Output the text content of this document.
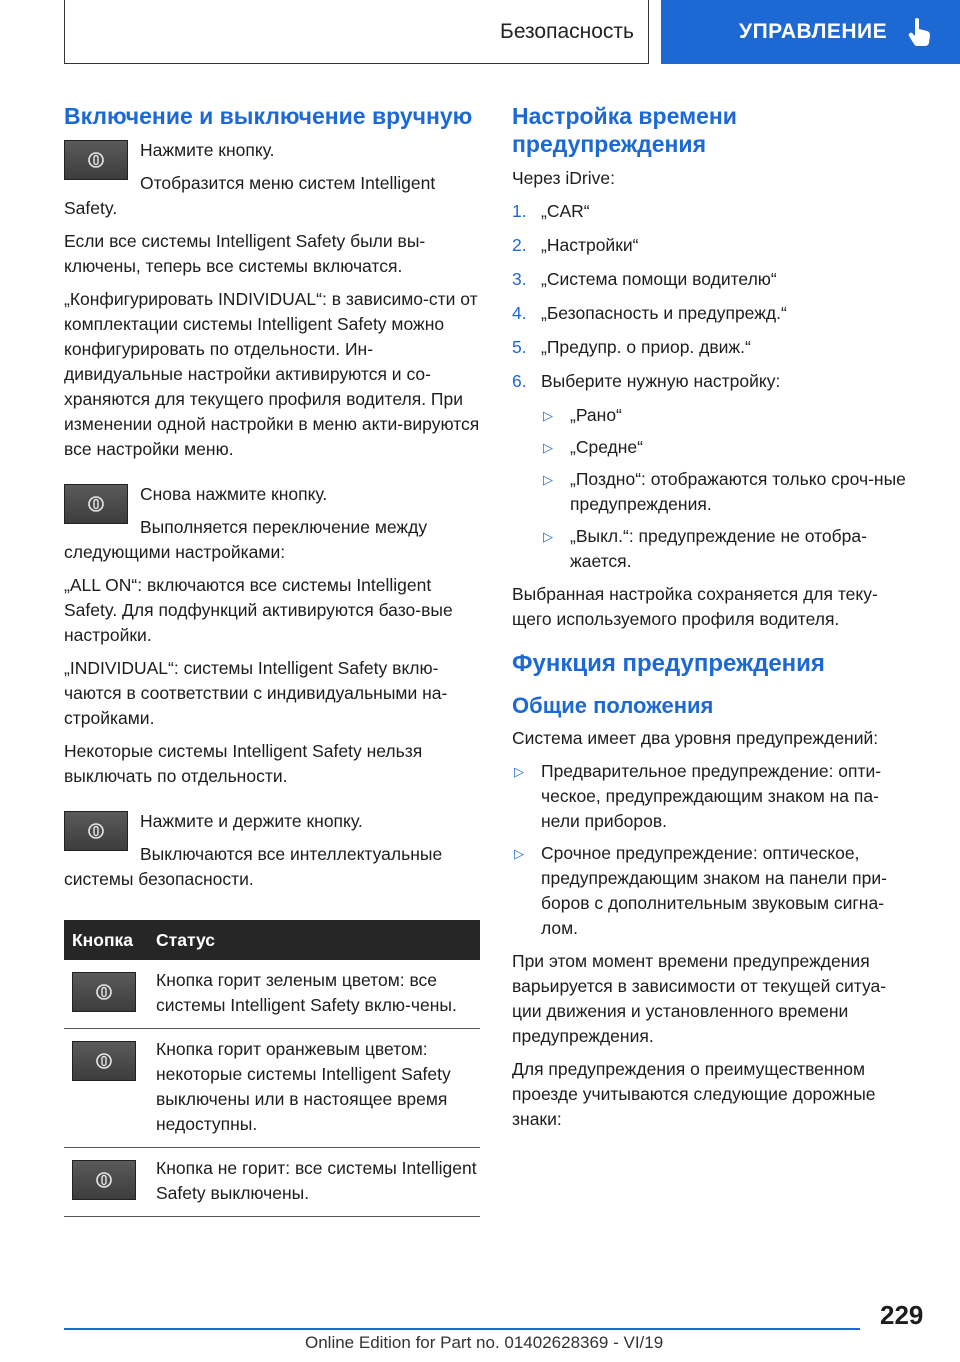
Безопасность	УПРАВЛЕНИЕ
Включение и выключение вручную

Нажмите кнопку.

Отобразится меню систем Intelligent Safety.

Если все системы Intelligent Safety были вы-ключены, теперь все системы включатся.

„Конфигурировать INDIVIDUAL“: в зависимо-сти от комплектации системы Intelligent Safety можно конфигурировать по отдельности. Ин-дивидуальные настройки активируются и со-храняются для текущего профиля водителя. При изменении одной настройки в меню акти-вируются все настройки меню.

Снова нажмите кнопку.

Выполняется переключение между следующими настройками:

„ALL ON“: включаются все системы Intelligent Safety. Для подфункций активируются базо-вые настройки.

„INDIVIDUAL“: системы Intelligent Safety вклю-чаются в соответствии с индивидуальными на-стройками.

Некоторые системы Intelligent Safety нельзя выключать по отдельности.

Нажмите и держите кнопку.

Выключаются все интеллектуальные системы безопасности.

Кнопка	Статус
Кнопка горит зеленым цветом: все системы Intelligent Safety вклю-чены.
Кнопка горит оранжевым цветом: некоторые системы Intelligent Safety выключены или в настоящее время недоступны.
Кнопка не горит: все системы Intelligent Safety выключены.
Настройка времени предупреждения

Через iDrive:

1. „CAR“
2. „Настройки“
3. „Система помощи водителю“
4. „Безопасность и предупрежд.“
5. „Предупр. о приор. движ.“
6. Выберите нужную настройку:
▷ „Рано“
▷ „Средне“
▷ „Поздно“: отображаются только сроч-ные предупреждения.
▷ „Выкл.“: предупреждение не отобра-жается.

Выбранная настройка сохраняется для теку-щего используемого профиля водителя.

Функция предупреждения
Общие положения

Система имеет два уровня предупреждений:

▷ Предварительное предупреждение: опти-ческое, предупреждающим знаком на па-нели приборов.
▷ Срочное предупреждение: оптическое, предупреждающим знаком на панели при-боров с дополнительным звуковым сигна-лом.

При этом момент времени предупреждения варьируется в зависимости от текущей ситуа-ции движения и установленного времени предупреждения.

Для предупреждения о преимущественном проезде учитываются следующие дорожные знаки:

229
Online Edition for Part no. 01402628369 - VI/19
